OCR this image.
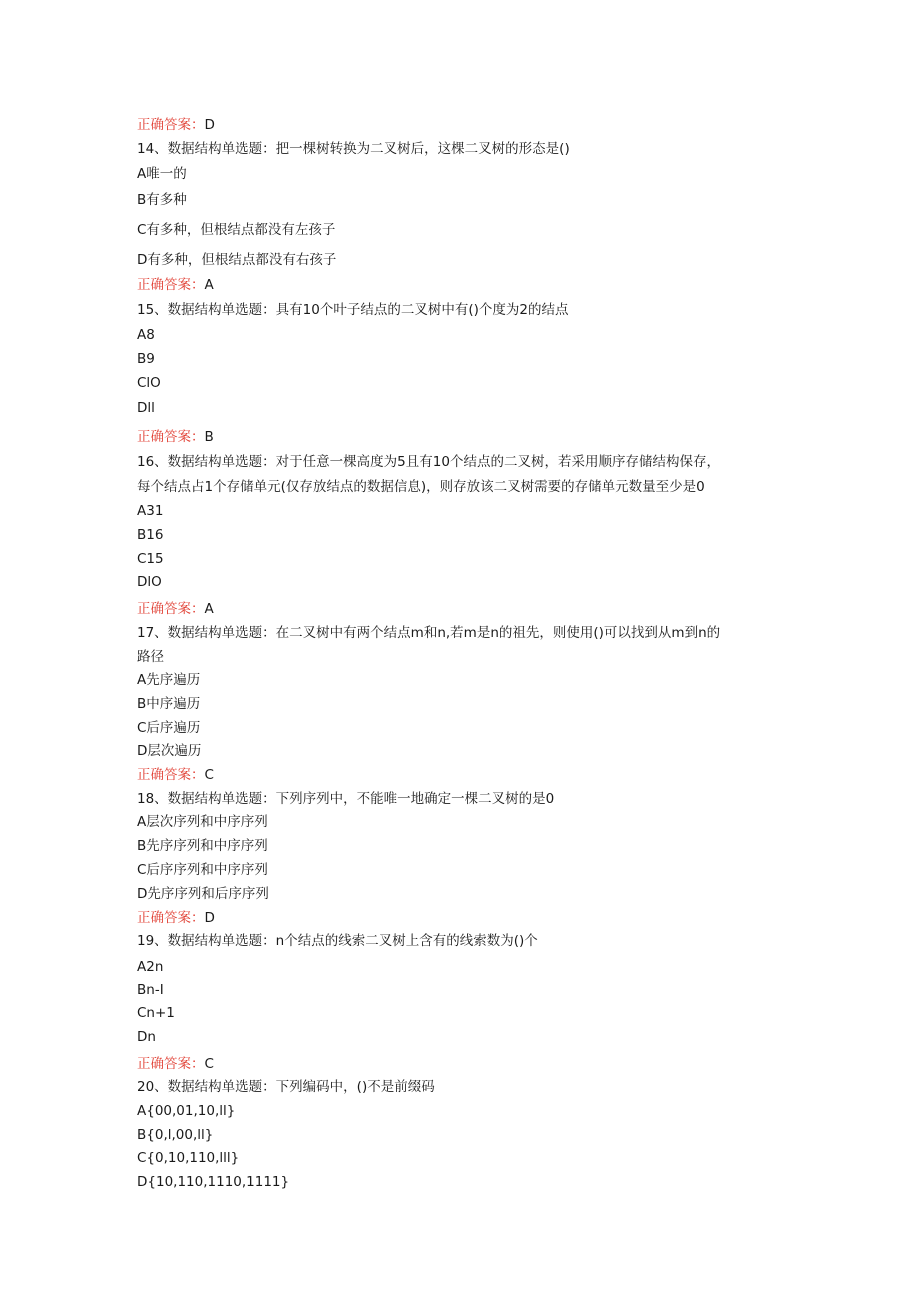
正确答案：D
14、数据结构单选题：把一棵树转换为二叉树后，这棵二叉树的形态是()
A唯一的
B有多种
C有多种，但根结点都没有左孩子
D有多种，但根结点都没有右孩子
正确答案：A
15、数据结构单选题：具有10个叶子结点的二叉树中有()个度为2的结点
A8
B9
ClO
Dll
正确答案：B
16、数据结构单选题：对于任意一棵高度为5且有10个结点的二叉树，若采用顺序存储结构保存，
每个结点占1个存储单元(仅存放结点的数据信息)，则存放该二叉树需要的存储单元数量至少是0
A31
B16
C15
DlO
正确答案：A
17、数据结构单选题：在二叉树中有两个结点m和n,若m是n的祖先，则使用()可以找到从m到n的
路径
A先序遍历
B中序遍历
C后序遍历
D层次遍历
正确答案：C
18、数据结构单选题：下列序列中，不能唯一地确定一棵二叉树的是0
A层次序列和中序序列
B先序序列和中序序列
C后序序列和中序序列
D先序序列和后序序列
正确答案：D
19、数据结构单选题：n个结点的线索二叉树上含有的线索数为()个
A2n
Bn-I
Cn+1
Dn
正确答案：C
20、数据结构单选题：下列编码中，()不是前缀码
A{00,01,10,ll}
B{0,l,00,ll}
C{0,10,110,lll}
D{10,110,1110,1111}
